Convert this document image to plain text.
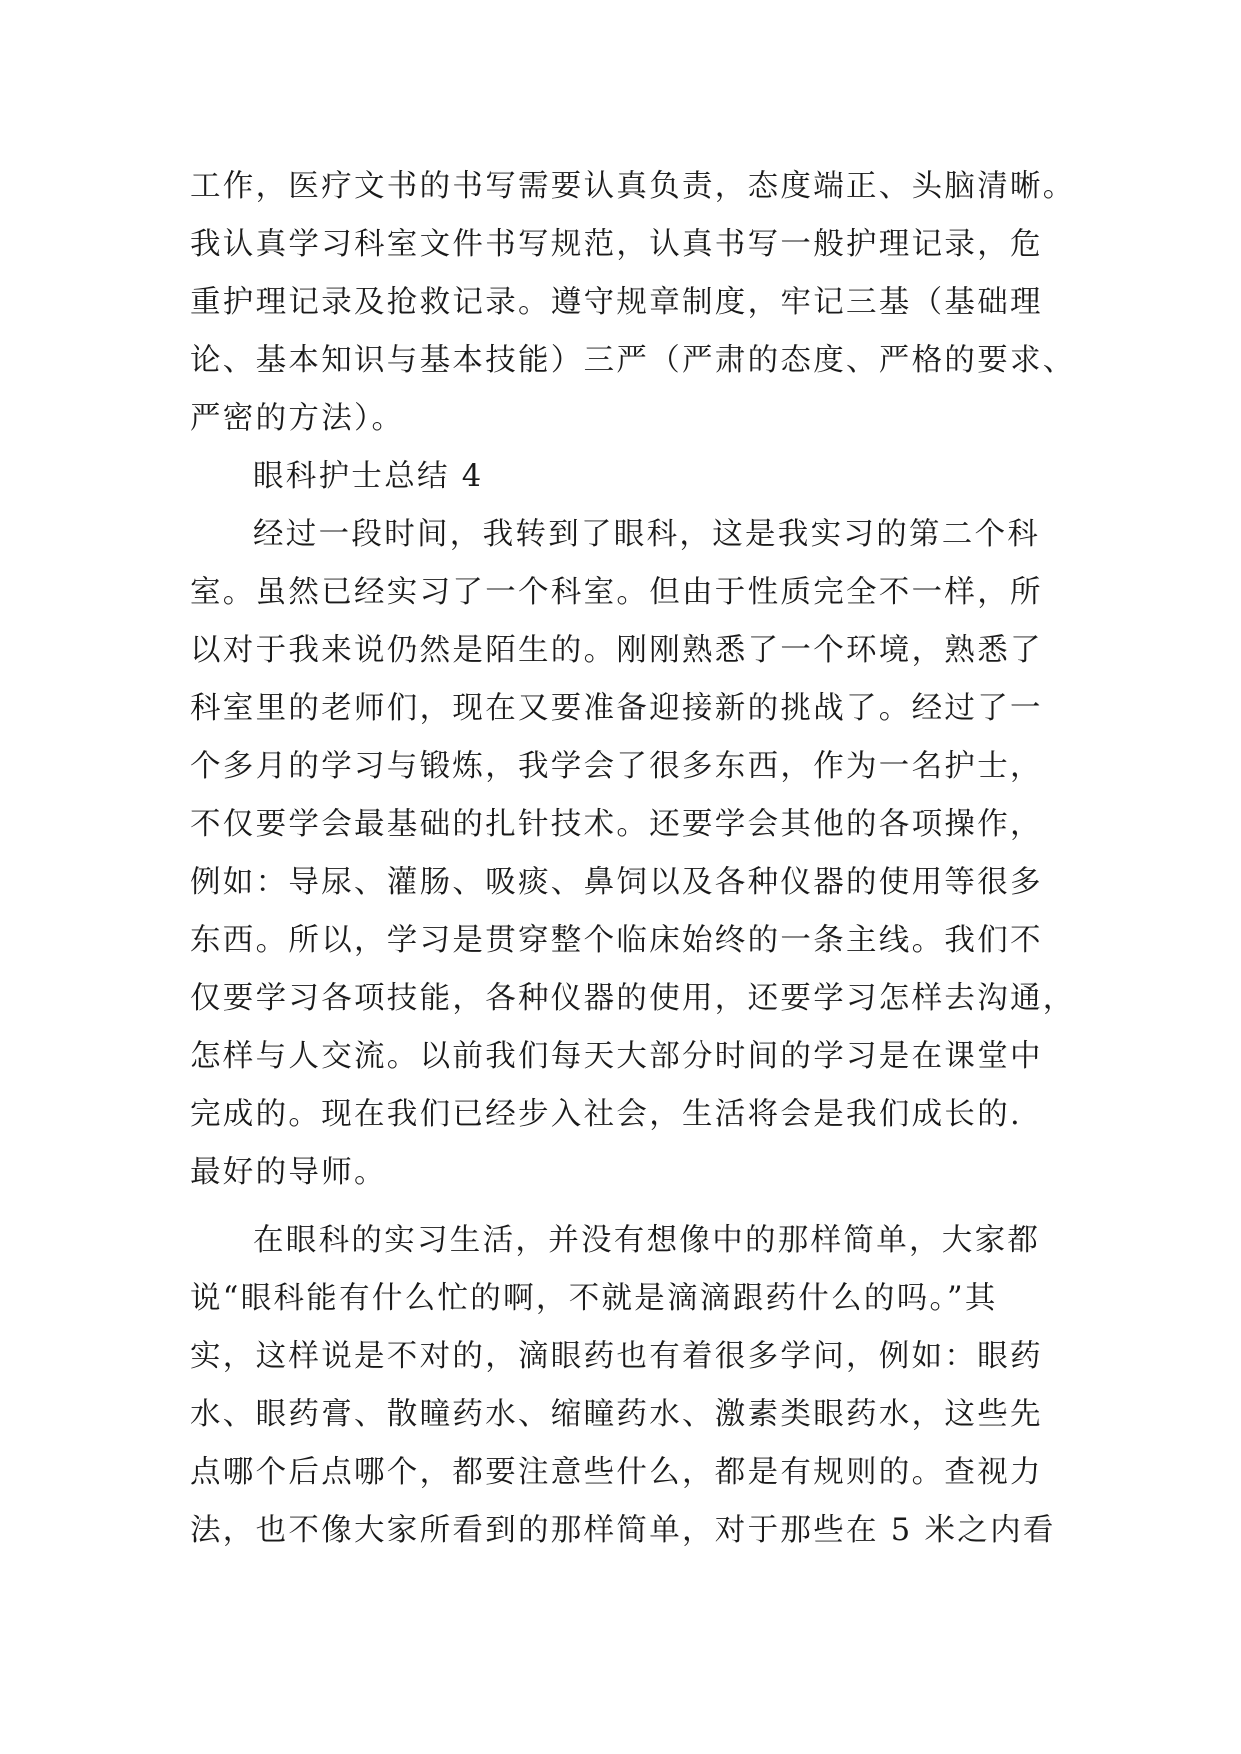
工作，医疗文书的书写需要认真负责，态度端正、头脑清晰。
我认真学习科室文件书写规范，认真书写一般护理记录，危
重护理记录及抢救记录。遵守规章制度，牢记三基（基础理
论、基本知识与基本技能）三严（严肃的态度、严格的要求、
严密的方法）。
眼科护士总结 4
经过一段时间，我转到了眼科，这是我实习的第二个科
室。虽然已经实习了一个科室。但由于性质完全不一样，所
以对于我来说仍然是陌生的。刚刚熟悉了一个环境，熟悉了
科室里的老师们，现在又要准备迎接新的挑战了。经过了一
个多月的学习与锻炼，我学会了很多东西，作为一名护士，
不仅要学会最基础的扎针技术。还要学会其他的各项操作，
例如：导尿、灌肠、吸痰、鼻饲以及各种仪器的使用等很多
东西。所以，学习是贯穿整个临床始终的一条主线。我们不
仅要学习各项技能，各种仪器的使用，还要学习怎样去沟通，
怎样与人交流。以前我们每天大部分时间的学习是在课堂中
完成的。现在我们已经步入社会，生活将会是我们成长的.
最好的导师。
在眼科的实习生活，并没有想像中的那样简单，大家都
说“眼科能有什么忙的啊，不就是滴滴跟药什么的吗。”其
实，这样说是不对的，滴眼药也有着很多学问，例如：眼药
水、眼药膏、散瞳药水、缩瞳药水、激素类眼药水，这些先
点哪个后点哪个，都要注意些什么，都是有规则的。查视力
法，也不像大家所看到的那样简单，对于那些在 5 米之内看
